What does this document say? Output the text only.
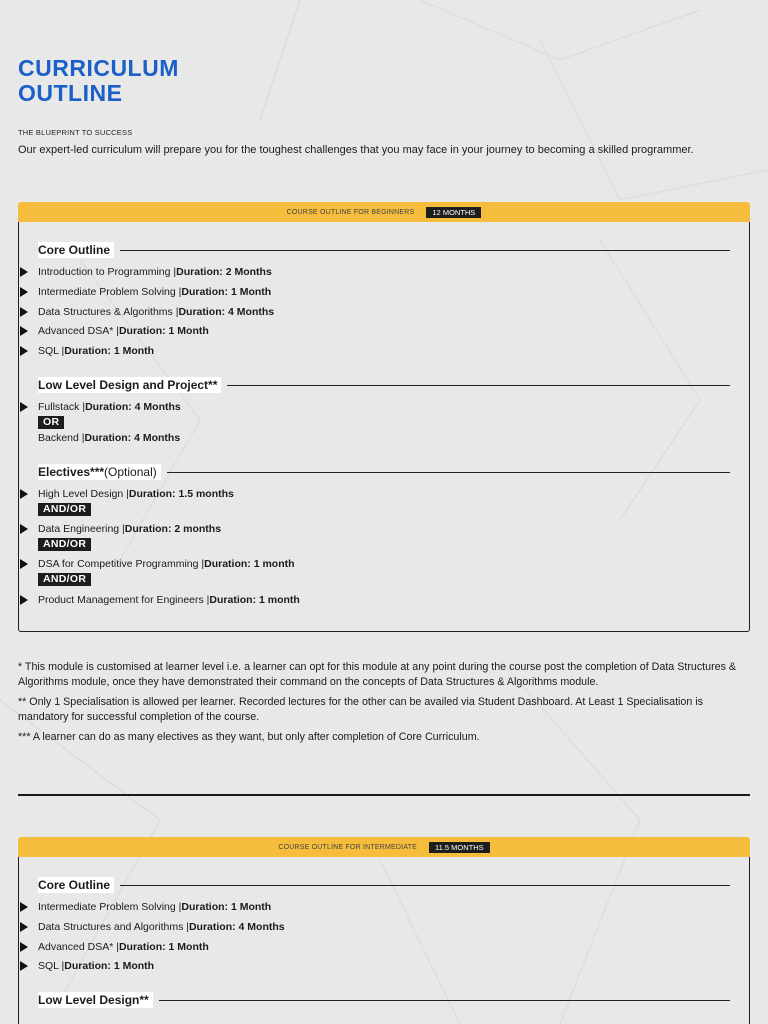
CURRICULUM
OUTLINE
THE BLUEPRINT TO SUCCESS
Our expert-led curriculum will prepare you for the toughest challenges that you may face in your journey to becoming a skilled programmer.
COURSE OUTLINE FOR BEGINNERS	12 MONTHS
Core Outline
Introduction to Programming | Duration: 2 Months
Intermediate Problem Solving | Duration: 1 Month
Data Structures & Algorithms | Duration: 4 Months
Advanced DSA* | Duration: 1 Month
SQL | Duration: 1 Month
Low Level Design and Project**
Fullstack | Duration: 4 Months
OR
Backend | Duration: 4 Months
Electives***(Optional)
High Level Design | Duration: 1.5 months
AND/OR
Data Engineering | Duration: 2 months
AND/OR
DSA for Competitive Programming | Duration: 1 month
AND/OR
Product Management for Engineers | Duration: 1 month

* This module is customised at learner level i.e. a learner can opt for this module at any point during the course post the completion of Data Structures & Algorithms module, once they have demonstrated their command on the concepts of Data Structures & Algorithms module.

** Only 1 Specialisation is allowed per learner. Recorded lectures for the other can be availed via Student Dashboard. At Least 1 Specialisation is mandatory for successful completion of the course.

*** A learner can do as many electives as they want, but only after completion of Core Curriculum.

COURSE OUTLINE FOR INTERMEDIATE	11.5 MONTHS
Core Outline
Intermediate Problem Solving | Duration: 1 Month
Data Structures and Algorithms | Duration: 4 Months
Advanced DSA* | Duration: 1 Month
SQL | Duration: 1 Month
Low Level Design**
